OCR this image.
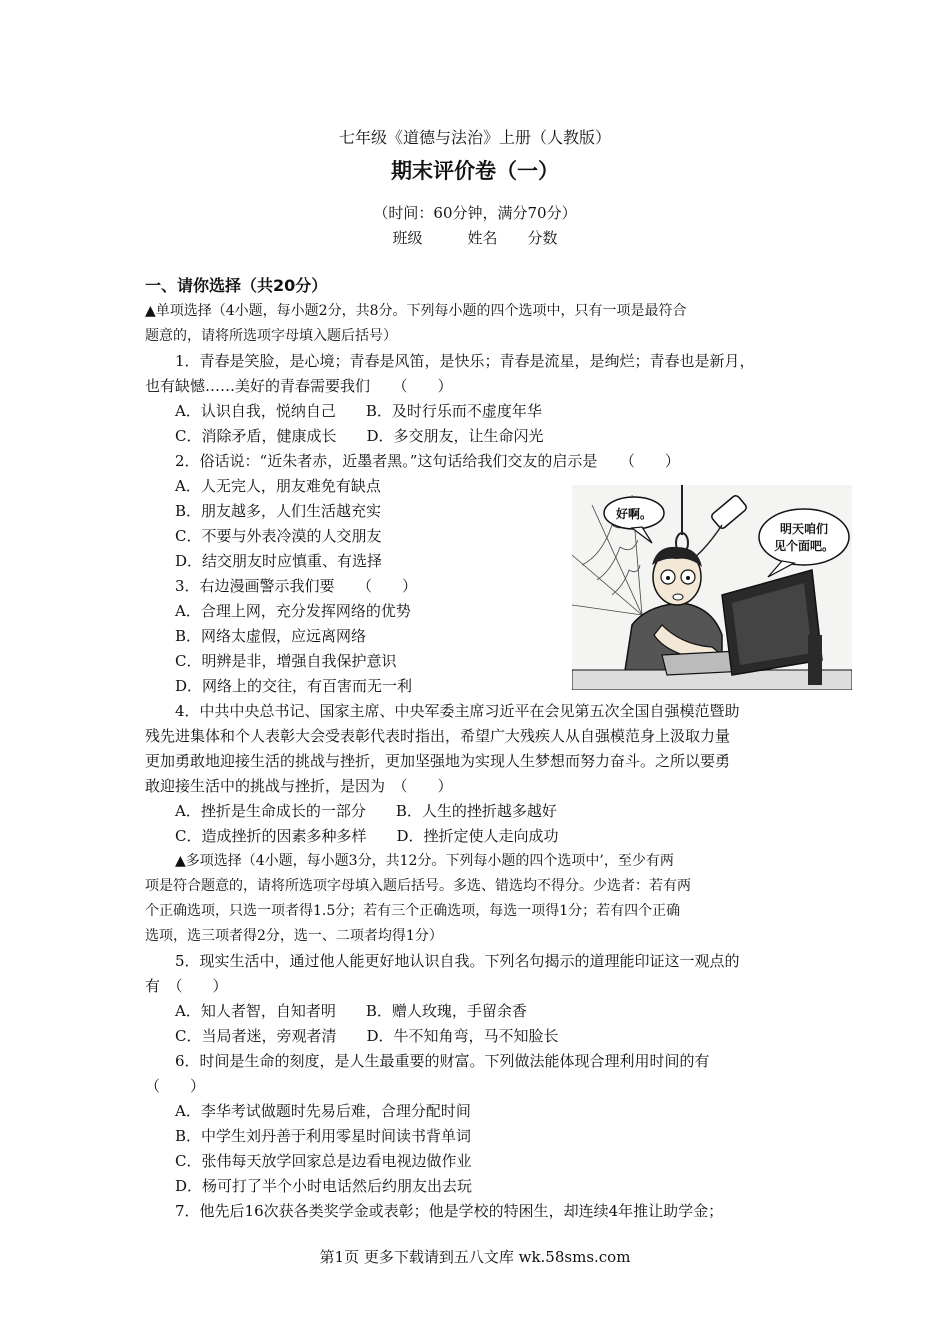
七年级《道德与法治》上册（人教版）
期末评价卷（一）
（时间：60分钟，满分70分）
班级　　　姓名　　分数
一、请你选择（共20分）
▲单项选择（4小题，每小题2分，共8分。下列每小题的四个选项中，只有一项是最符合
题意的，请将所选项字母填入题后括号）
1．青春是笑脸，是心境；青春是风笛，是快乐；青春是流星，是绚烂；青春也是新月，
也有缺憾……美好的青春需要我们　　（　　）
A．认识自我，悦纳自己　　B．及时行乐而不虚度年华
C．消除矛盾，健康成长　　D．多交朋友，让生命闪光
2．俗话说：“近朱者赤，近墨者黑。”这句话给我们交友的启示是　　（　　）
A．人无完人，朋友难免有缺点
B．朋友越多，人们生活越充实
C．不要与外表冷漠的人交朋友
D．结交朋友时应慎重、有选择
3．右边漫画警示我们要　　（　　）
A．合理上网，充分发挥网络的优势
B．网络太虚假，应远离网络
C．明辨是非，增强自我保护意识
D．网络上的交往，有百害而无一利
好啊。
明天咱们
见个面吧。
4．中共中央总书记、国家主席、中央军委主席习近平在会见第五次全国自强模范暨助
残先进集体和个人表彰大会受表彰代表时指出，希望广大残疾人从自强模范身上汲取力量
更加勇敢地迎接生活的挑战与挫折，更加坚强地为实现人生梦想而努力奋斗。之所以要勇
敢迎接生活中的挑战与挫折，是因为　（　　）
A．挫折是生命成长的一部分　　B．人生的挫折越多越好
C．造成挫折的因素多种多样　　D．挫折定使人走向成功
▲多项选择（4小题，每小题3分，共12分。下列每小题的四个选项中’，至少有两
项是符合题意的，请将所选项字母填入题后括号。多选、错选均不得分。少选者：若有两
个正确选项，只选一项者得1.5分；若有三个正确选项，每选一项得1分；若有四个正确
选项，选三项者得2分，选一、二项者均得1分）
5．现实生活中，通过他人能更好地认识自我。下列名句揭示的道理能印证这一观点的
有　（　　）
A．知人者智，自知者明　　B．赠人玫瑰，手留余香
C．当局者迷，旁观者清　　D．牛不知角弯，马不知脸长
6．时间是生命的刻度，是人生最重要的财富。下列做法能体现合理利用时间的有
（　　）
A．李华考试做题时先易后难，合理分配时间
B．中学生刘丹善于利用零星时间读书背单词
C．张伟每天放学回家总是边看电视边做作业
D．杨可打了半个小时电话然后约朋友出去玩
7．他先后16次获各类奖学金或表彰；他是学校的特困生，却连续4年推让助学金；
第1页 更多下载请到五八文库 wk.58sms.com
